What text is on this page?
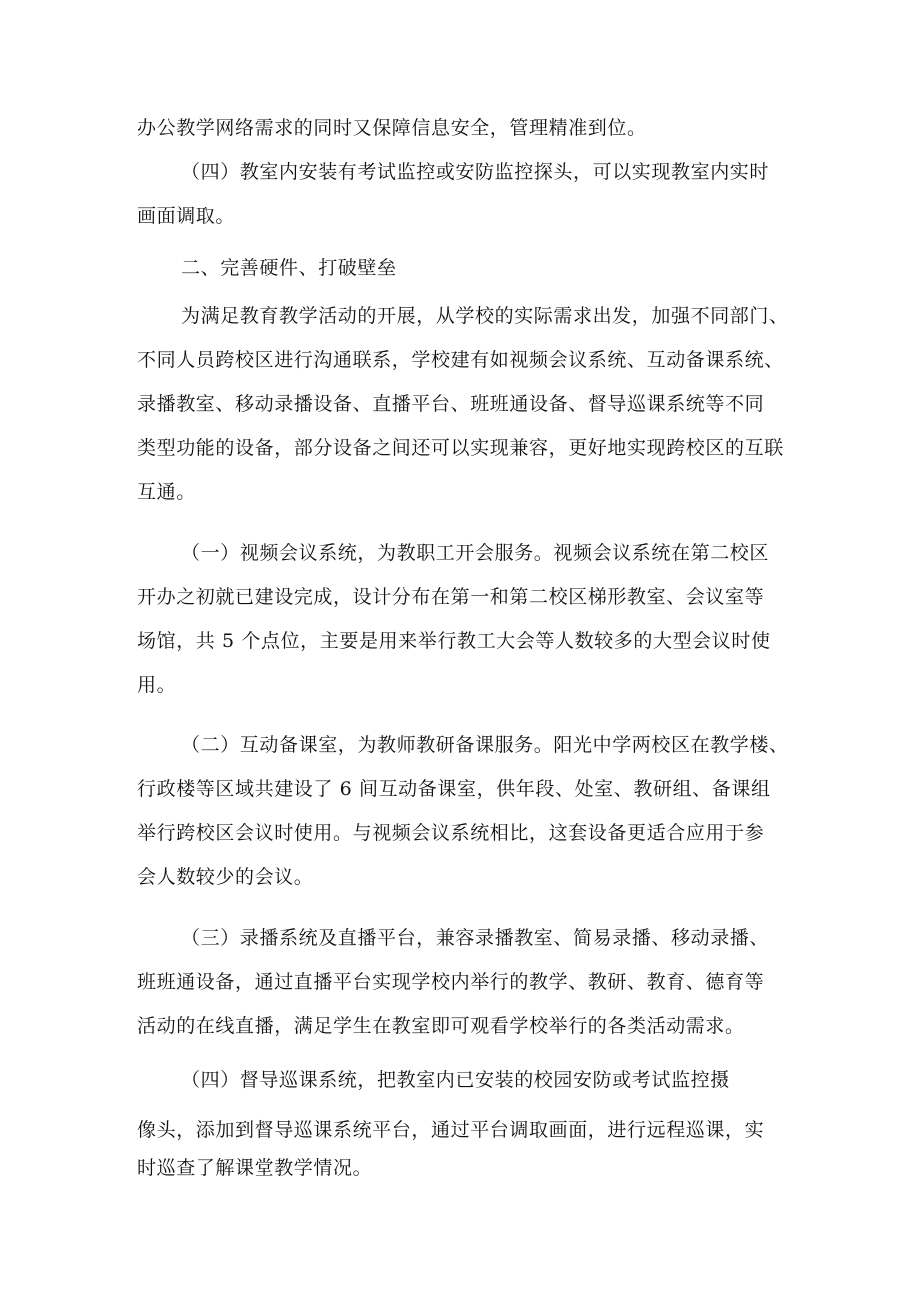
办公教学网络需求的同时又保障信息安全，管理精准到位。
（四）教室内安装有考试监控或安防监控探头，可以实现教室内实时
画面调取。
二、完善硬件、打破壁垒
为满足教育教学活动的开展，从学校的实际需求出发，加强不同部门、
不同人员跨校区进行沟通联系，学校建有如视频会议系统、互动备课系统、
录播教室、移动录播设备、直播平台、班班通设备、督导巡课系统等不同
类型功能的设备，部分设备之间还可以实现兼容，更好地实现跨校区的互联
互通。
（一）视频会议系统，为教职工开会服务。视频会议系统在第二校区
开办之初就已建设完成，设计分布在第一和第二校区梯形教室、会议室等
场馆，共 5 个点位，主要是用来举行教工大会等人数较多的大型会议时使
用。
（二）互动备课室，为教师教研备课服务。阳光中学两校区在教学楼、
行政楼等区域共建设了 6 间互动备课室，供年段、处室、教研组、备课组
举行跨校区会议时使用。与视频会议系统相比，这套设备更适合应用于参
会人数较少的会议。
（三）录播系统及直播平台，兼容录播教室、简易录播、移动录播、
班班通设备，通过直播平台实现学校内举行的教学、教研、教育、德育等
活动的在线直播，满足学生在教室即可观看学校举行的各类活动需求。
（四）督导巡课系统，把教室内已安装的校园安防或考试监控摄
像头，添加到督导巡课系统平台，通过平台调取画面，进行远程巡课，实
时巡查了解课堂教学情况。
